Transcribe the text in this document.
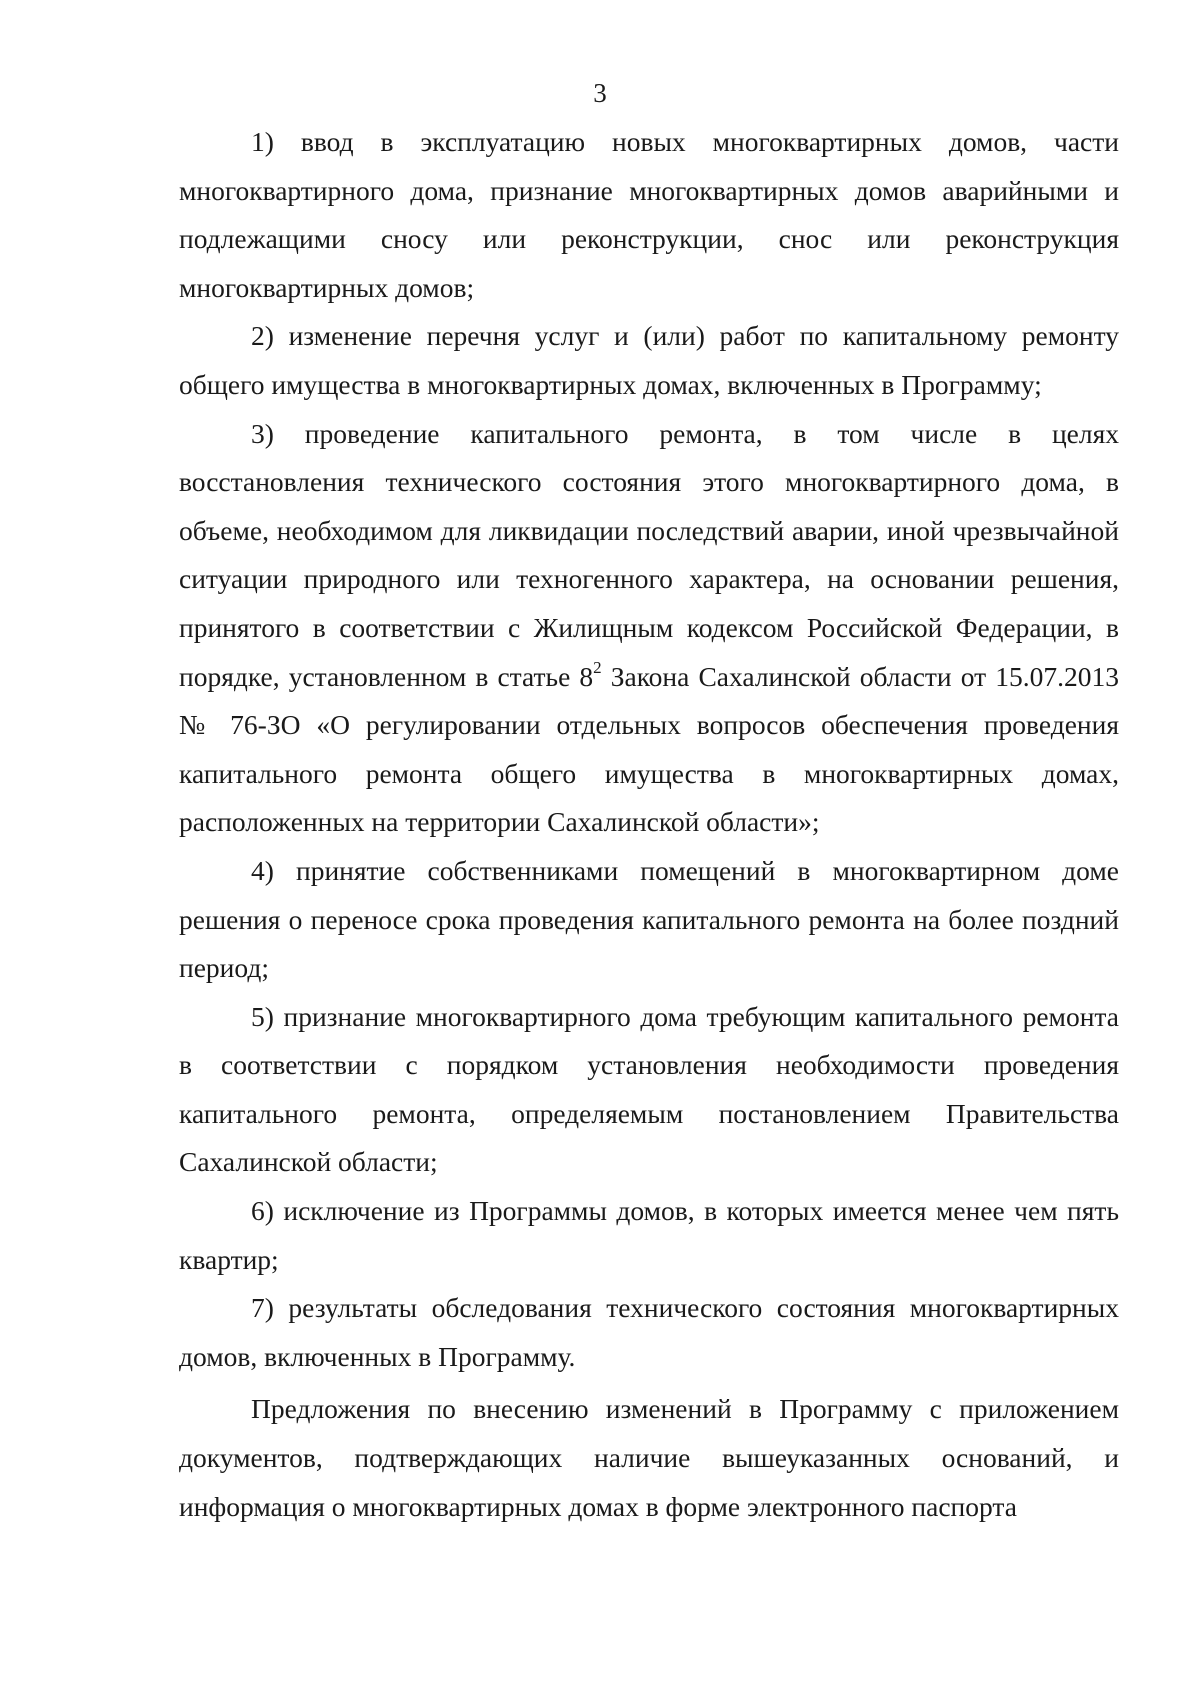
3

1) ввод в эксплуатацию новых многоквартирных домов, части многоквартирного дома, признание многоквартирных домов аварийными и подлежащими сносу или реконструкции, снос или реконструкция многоквартирных домов;

2) изменение перечня услуг и (или) работ по капитальному ремонту общего имущества в многоквартирных домах, включенных в Программу;

3) проведение капитального ремонта, в том числе в целях восстановления технического состояния этого многоквартирного дома, в объеме, необходимом для ликвидации последствий аварии, иной чрезвычайной ситуации природного или техногенного характера, на основании решения, принятого в соответствии с Жилищным кодексом Российской Федерации, в порядке, установленном в статье $8^2$ Закона Сахалинской области от 15.07.2013 № 76-ЗО «О регулировании отдельных вопросов обеспечения проведения капитального ремонта общего имущества в многоквартирных домах, расположенных на территории Сахалинской области»;

4) принятие собственниками помещений в многоквартирном доме решения о переносе срока проведения капитального ремонта на более поздний период;

5) признание многоквартирного дома требующим капитального ремонта в соответствии с порядком установления необходимости проведения капитального ремонта, определяемым постановлением Правительства Сахалинской области;

6) исключение из Программы домов, в которых имеется менее чем пять квартир;

7) результаты обследования технического состояния многоквартирных домов, включенных в Программу.

Предложения по внесению изменений в Программу с приложением документов, подтверждающих наличие вышеуказанных оснований, и информация о многоквартирных домах в форме электронного паспорта
